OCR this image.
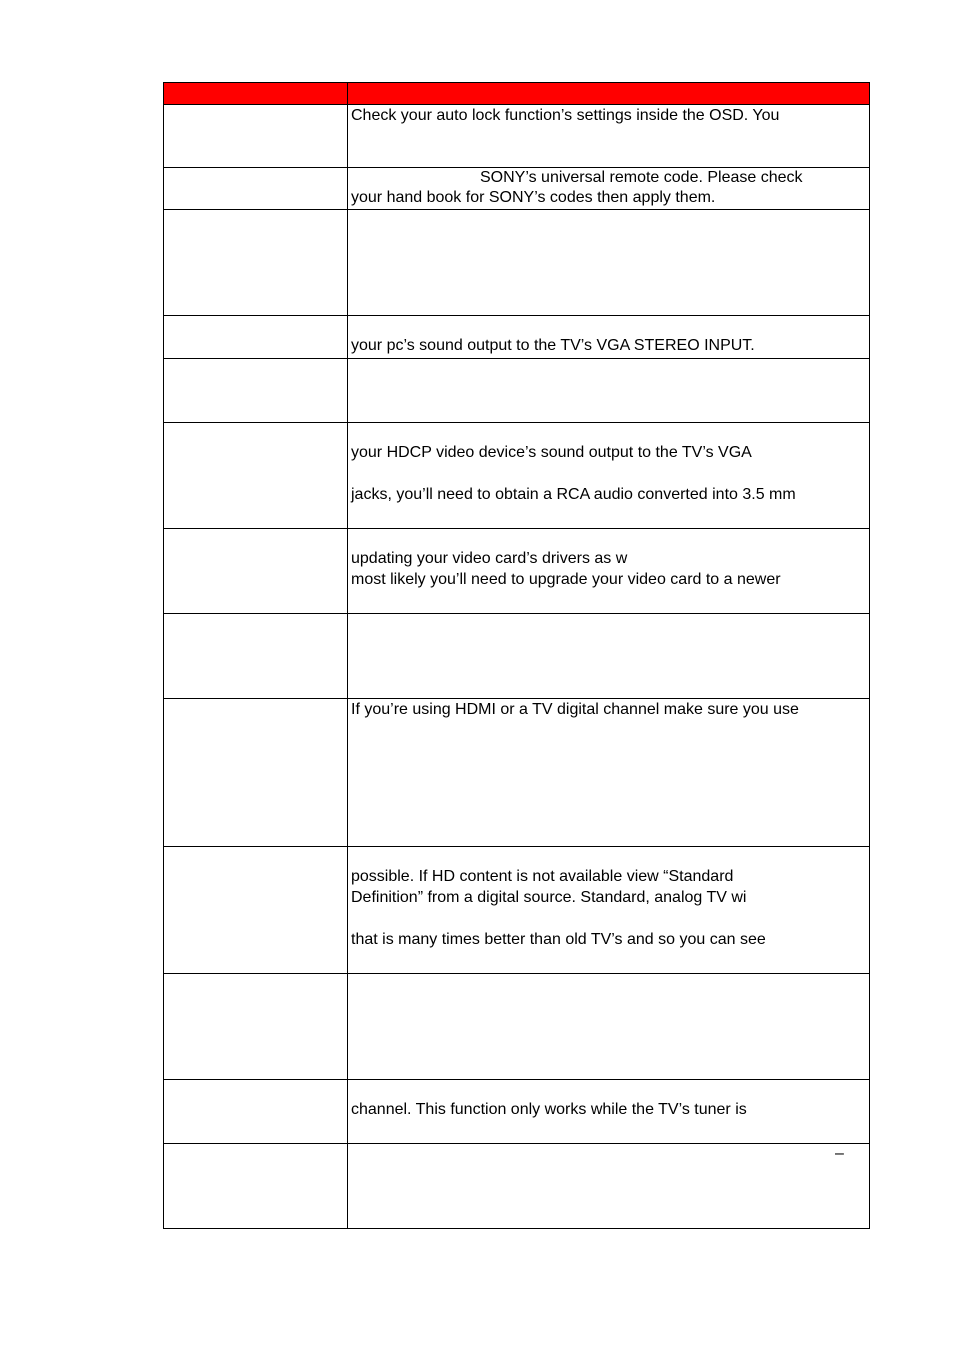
	Check your auto lock function’s settings inside the OSD. You

	SONY’s universal remote code. Please check
your hand book for SONY’s codes then apply them.

	your pc’s sound output to the TV’s VGA STEREO INPUT.

	your HDCP video device’s sound output to the TV’s VGA
jacks, you’ll need to obtain a RCA audio converted into 3.5 mm

	updating your video card’s drivers as w
most likely you’ll need to upgrade your video card to a newer

	If you’re using HDMI or a TV digital channel make sure you use

	possible. If HD content is not available view “Standard
Definition” from a digital source. Standard, analog TV wi
that is many times better than old TV’s and so you can see

	channel. This function only works while the TV’s tuner is

	–
